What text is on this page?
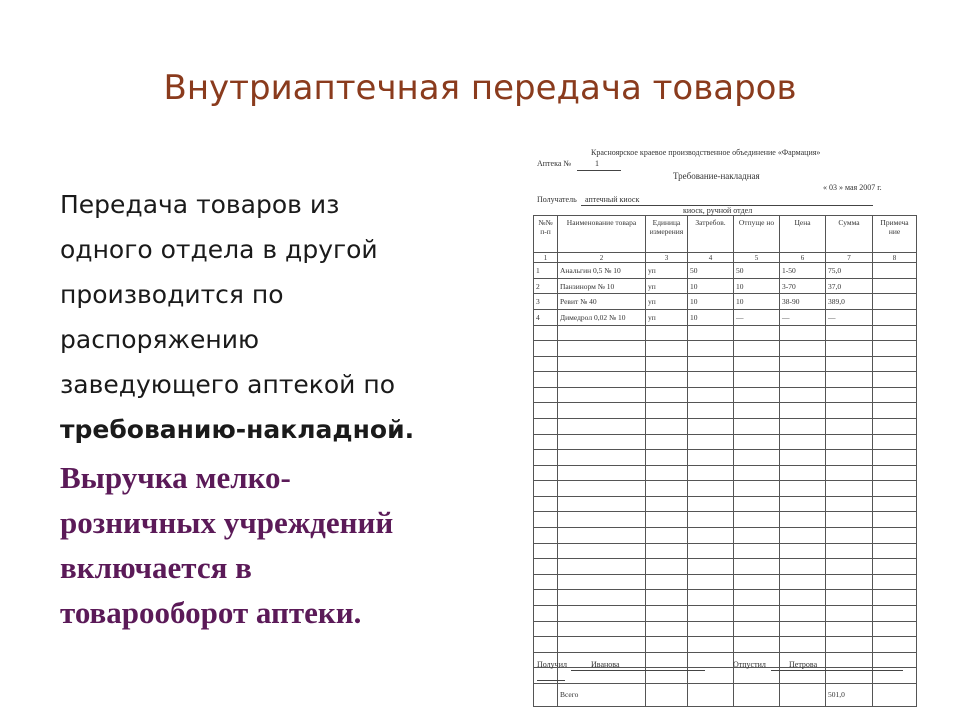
Внутриаптечная передача товаров
Передача товаров из
одного отдела в другой
производится по
распоряжению
заведующего аптекой по
требованию-накладной.
Выручка мелко-
розничных учреждений
включается в
товарооборот аптеки.
Красноярское краевое производственное объединение «Фармация»
Аптека №	1
Требование-накладная
« 03 » мая 2007 г.
Получатель аптечный киоск
киоск, ручной отдел
№№ п-п	Наименование товара	Единица измерения	Затребов.	Отпуще но	Цена	Сумма	Примеча ние
1	2	3	4	5	6	7	8
1	Анальгин 0,5 № 10	уп	50	50	1-50	75,0	
2	Панзинорм № 10	уп	10	10	3-70	37,0	
3	Ревит № 40	уп	10	10	38-90	389,0	
4	Димедрол 0,02 № 10	уп	10	—	—	—	

	Всего					501,0	
Получил	Иванова	Отпустил	Петрова
